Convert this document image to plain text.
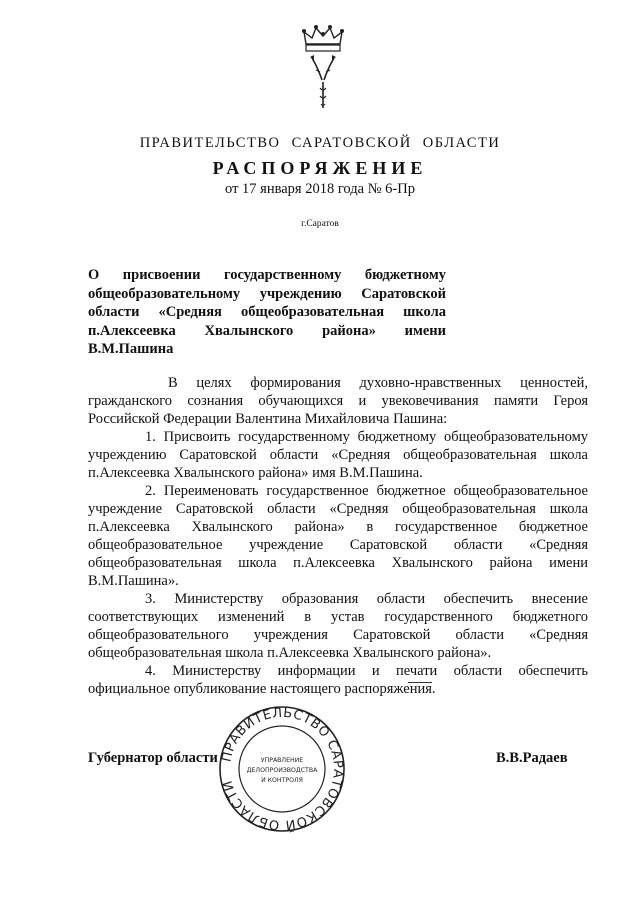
ПРАВИТЕЛЬСТВО САРАТОВСКОЙ ОБЛАСТИ
РАСПОРЯЖЕНИЕ
от 17 января 2018 года № 6-Пр
г.Саратов
О присвоении государственному бюджетному общеобразовательному учреждению Саратовской области «Средняя общеобразовательная школа п.Алексеевка Хвалынского района» имени В.М.Пашина

В целях формирования духовно-нравственных ценностей, гражданского сознания обучающихся и увековечивания памяти Героя Российской Федерации Валентина Михайловича Пашина:

1. Присвоить государственному бюджетному общеобразовательному учреждению Саратовской области «Средняя общеобразовательная школа п.Алексеевка Хвалынского района» имя В.М.Пашина.

2. Переименовать государственное бюджетное общеобразовательное учреждение Саратовской области «Средняя общеобразовательная школа п.Алексеевка Хвалынского района» в государственное бюджетное общеобразовательное учреждение Саратовской области «Средняя общеобразовательная школа п.Алексеевка Хвалынского района имени В.М.Пашина».

3. Министерству образования области обеспечить внесение соответствующих изменений в устав государственного бюджетного общеобразовательного учреждения Саратовской области «Средняя общеобразовательная школа п.Алексеевка Хвалынского района».

4. Министерству информации и печати области обеспечить официальное опубликование настоящего распоряжения.

Губернатор области	В.В.Радаев
ПРАВИТЕЛЬСТВО САРАТОВСКОЙ ОБЛАСТИ
УПРАВЛЕНИЕ
ДЕЛОПРОИЗВОДСТВА
И КОНТРОЛЯ
